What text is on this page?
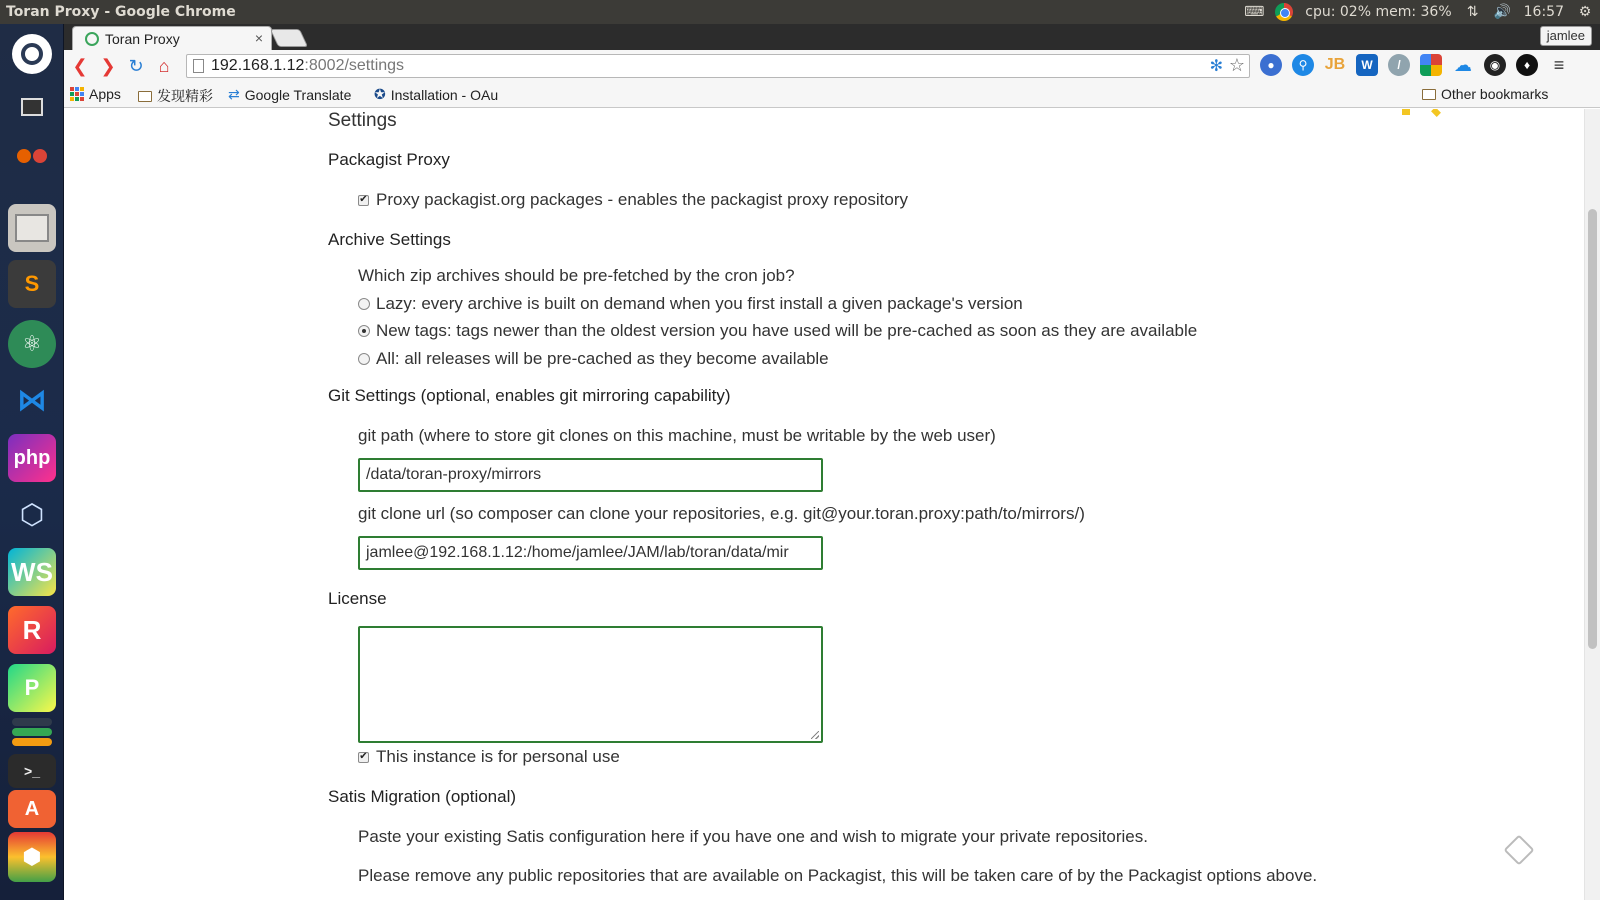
Toran Proxy - Google Chrome	⌨	cpu: 02% mem: 36% ⇅ 🔊 16:57 ⚙
S
⚛
⋈
php
⬡
WS
R
P
>_
A
⬢
Toran Proxy	×	jamlee
❮ ❯ ↻ ⌂	192.168.1.12 :8002/settings	✻ ☆	●	⚲	JB	W	/	☁	◉	♦	≡
Apps	发现精彩 ⇄ Google Translate ✪ Installation - OAu	Other bookmarks
Settings
Packagist Proxy
✔ Proxy packagist.org packages - enables the packagist proxy repository
Archive Settings
Which zip archives should be pre-fetched by the cron job?
Lazy: every archive is built on demand when you first install a given package's version
New tags: tags newer than the oldest version you have used will be pre-cached as soon as they are available
All: all releases will be pre-cached as they become available
Git Settings (optional, enables git mirroring capability)
git path (where to store git clones on this machine, must be writable by the web user)
/data/toran-proxy/mirrors
git clone url (so composer can clone your repositories, e.g. git@your.toran.proxy:path/to/mirrors/)
jamlee@192.168.1.12:/home/jamlee/JAM/lab/toran/data/mir
License
✔ This instance is for personal use
Satis Migration (optional)
Paste your existing Satis configuration here if you have one and wish to migrate your private repositories.
Please remove any public repositories that are available on Packagist, this will be taken care of by the Packagist options above.
